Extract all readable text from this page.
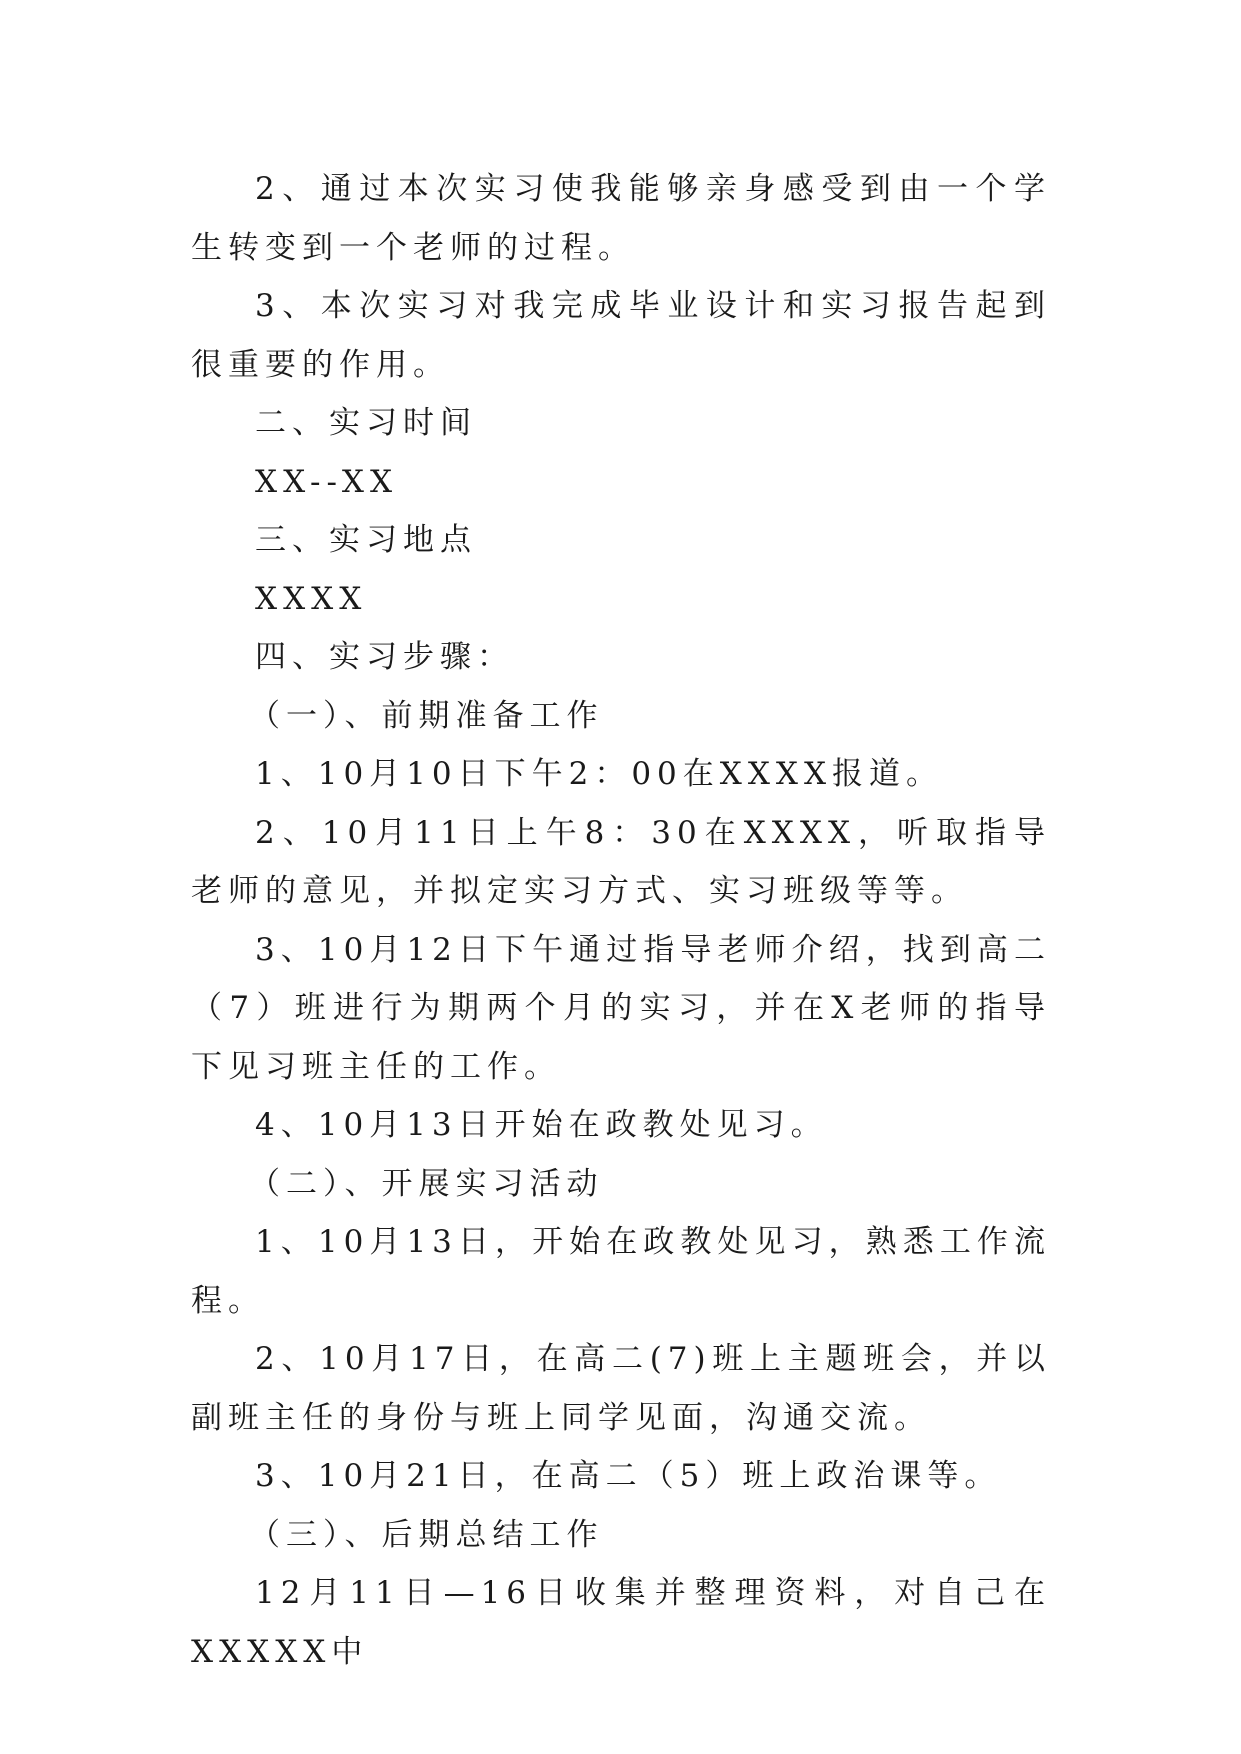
2、通过本次实习使我能够亲身感受到由一个学生转变到一个老师的过程。

3、本次实习对我完成毕业设计和实习报告起到很重要的作用。

二、实习时间

XX--XX

三、实习地点

XXXX

四、实习步骤：

（一）、前期准备工作

1、10月10日下午2：00在XXXX报道。

2、10月11日上午8：30在XXXX，听取指导老师的意见，并拟定实习方式、实习班级等等。

3、10月12日下午通过指导老师介绍，找到高二（7）班进行为期两个月的实习，并在X老师的指导下见习班主任的工作。

4、10月13日开始在政教处见习。

（二）、开展实习活动

1、10月13日，开始在政教处见习，熟悉工作流程。

2、10月17日，在高二(7)班上主题班会，并以副班主任的身份与班上同学见面，沟通交流。

3、10月21日，在高二（5）班上政治课等。

（三）、后期总结工作

12月11日—16日收集并整理资料，对自己在XXXXX中
